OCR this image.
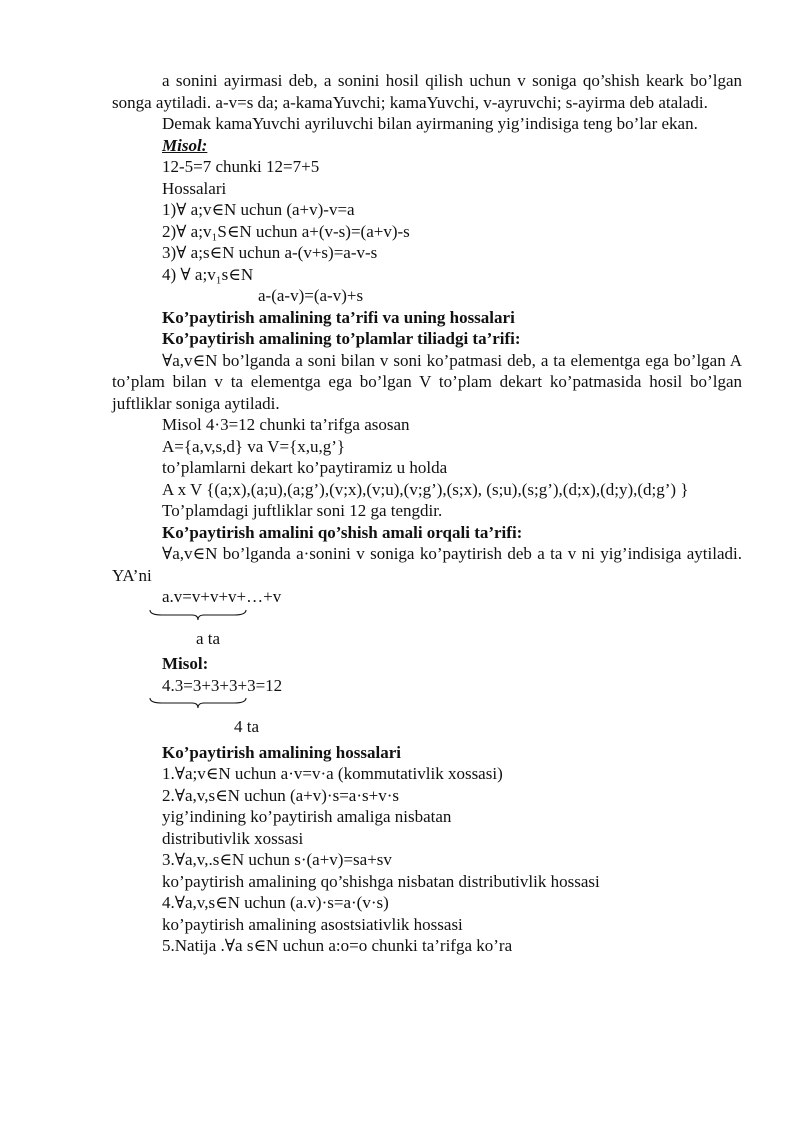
a sonini ayirmasi deb, a sonini hosil qilish uchun v soniga qo’shish keark bo’lgan songa aytiladi. a-v=s da; a-kamaYuvchi; kamaYuvchi, v-ayruvchi; s-ayirma deb ataladi.
Demak kamaYuvchi ayriluvchi bilan ayirmaning yig’indisiga teng bo’lar ekan.
Misol:
12-5=7 chunki 12=7+5
Hossalari
1)∀ a;v∈N uchun (a+v)-v=a
2)∀ a;v₁S∈N uchun a+(v-s)=(a+v)-s
3)∀ a;s∈N uchun a-(v+s)=a-v-s
4) ∀ a;v₁s∈N
a-(a-v)=(a-v)+s
Ko’paytirish amalining ta’rifi va uning hossalari
Ko’paytirish amalining to’plamlar tiliadgi ta’rifi:
∀a,v∈N bo’lganda a soni bilan v soni ko’patmasi deb, a ta elementga ega bo’lgan A to’plam bilan v ta elementga ega bo’lgan V to’plam dekart ko’patmasida hosil bo’lgan juftliklar soniga aytiladi.
Misol 4·3=12 chunki ta’rifga asosan
A={a,v,s,d} va V={x,u,g’}
to’plamlarni dekart ko’paytiramiz u holda
A x V {(a;x),(a;u),(a;g’),(v;x),(v;u),(v;g’),(s;x), (s;u),(s;g’),(d;x),(d;y),(d;g’) }
To’plamdagi juftliklar soni 12 ga tengdir.
Ko’paytirish amalini qo’shish amali orqali ta’rifi:
∀a,v∈N bo’lganda a·sonini v soniga ko’paytirish deb a ta v ni yig’indisiga aytiladi. YA’ni
a.v=v+v+v+…+v
a ta
Misol:
4.3=3+3+3+3=12
4 ta
Ko’paytirish amalining hossalari
1.∀a;v∈N uchun a·v=v·a (kommutativlik xossasi)
2.∀a,v,s∈N uchun (a+v)·s=a·s+v·s
yig’indining ko’paytirish amaliga nisbatan
distributivlik xossasi
3.∀a,v,.s∈N uchun s·(a+v)=sa+sv
ko’paytirish amalining qo’shishga nisbatan distributivlik hossasi
4.∀a,v,s∈N uchun (a.v)·s=a·(v·s)
ko’paytirish amalining asostsiativlik hossasi
5.Natija .∀a s∈N uchun a:o=o chunki ta’rifga ko’ra
